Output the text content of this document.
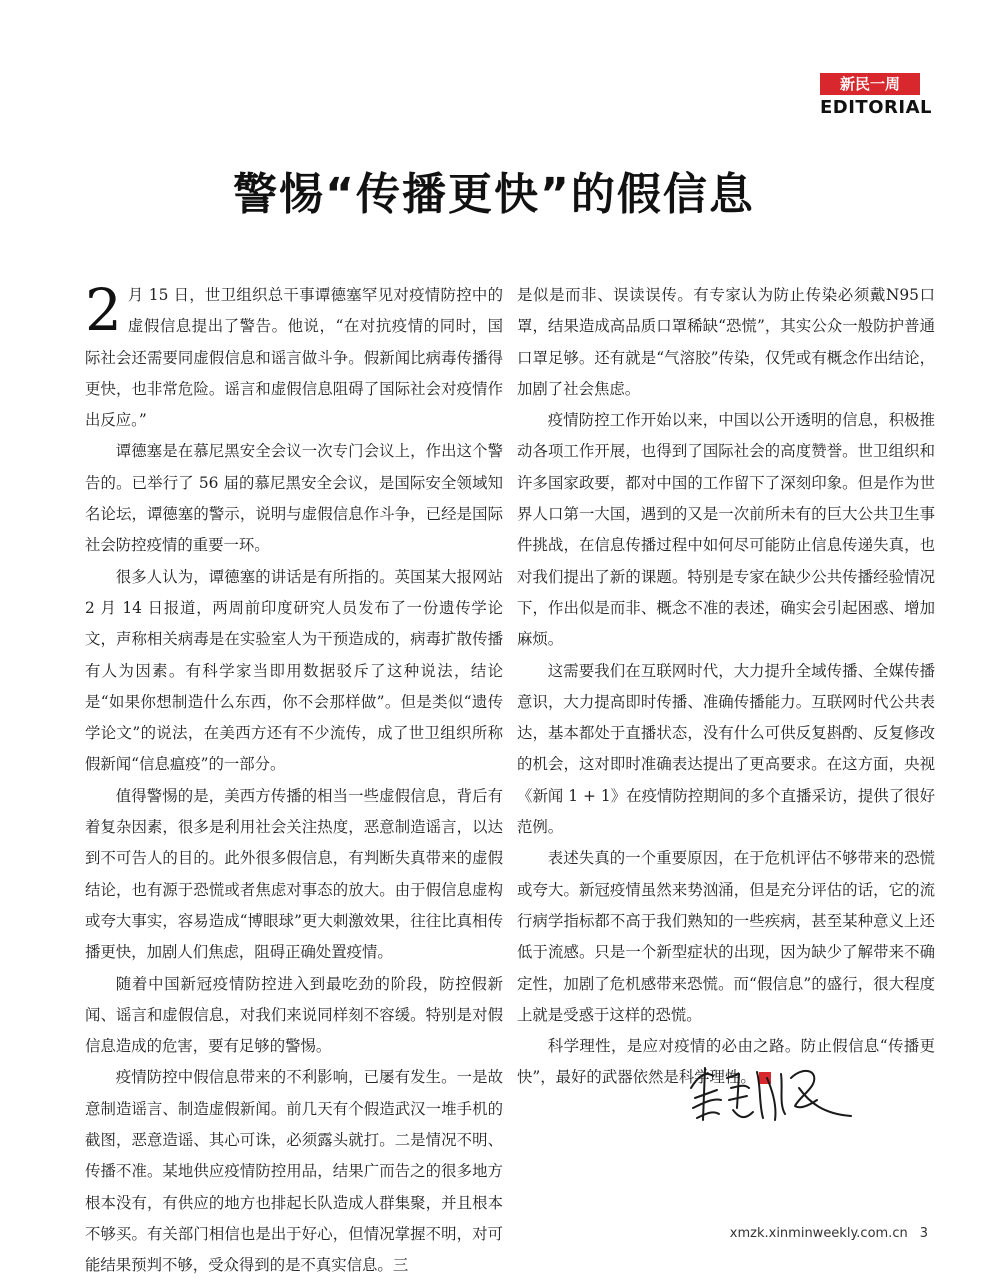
新民一周
EDITORIAL
警惕“传播更快”的假信息

2 月 15 日，世卫组织总干事谭德塞罕见对疫情防控中的虚假信息提出了警告。他说，“在对抗疫情的同时，国际社会还需要同虚假信息和谣言做斗争。假新闻比病毒传播得更快，也非常危险。谣言和虚假信息阻碍了国际社会对疫情作出反应。”

谭德塞是在慕尼黑安全会议一次专门会议上，作出这个警告的。已举行了 56 届的慕尼黑安全会议，是国际安全领域知名论坛，谭德塞的警示，说明与虚假信息作斗争，已经是国际社会防控疫情的重要一环。

很多人认为，谭德塞的讲话是有所指的。英国某大报网站 2 月 14 日报道，两周前印度研究人员发布了一份遗传学论文，声称相关病毒是在实验室人为干预造成的，病毒扩散传播有人为因素。有科学家当即用数据驳斥了这种说法，结论是“如果你想制造什么东西，你不会那样做”。但是类似“遗传学论文”的说法，在美西方还有不少流传，成了世卫组织所称假新闻“信息瘟疫”的一部分。

值得警惕的是，美西方传播的相当一些虚假信息，背后有着复杂因素，很多是利用社会关注热度，恶意制造谣言，以达到不可告人的目的。此外很多假信息，有判断失真带来的虚假结论，也有源于恐慌或者焦虑对事态的放大。由于假信息虚构或夸大事实，容易造成“博眼球”更大刺激效果，往往比真相传播更快，加剧人们焦虑，阻碍正确处置疫情。

随着中国新冠疫情防控进入到最吃劲的阶段，防控假新闻、谣言和虚假信息，对我们来说同样刻不容缓。特别是对假信息造成的危害，要有足够的警惕。

疫情防控中假信息带来的不利影响，已屡有发生。一是故意制造谣言、制造虚假新闻。前几天有个假造武汉一堆手机的截图，恶意造谣、其心可诛，必须露头就打。二是情况不明、传播不准。某地供应疫情防控用品，结果广而告之的很多地方根本没有，有供应的地方也排起长队造成人群集聚，并且根本不够买。有关部门相信也是出于好心，但情况掌握不明，对可能结果预判不够，受众得到的是不真实信息。三

是似是而非、误读误传。有专家认为防止传染必须戴N95口罩，结果造成高品质口罩稀缺“恐慌”，其实公众一般防护普通口罩足够。还有就是“气溶胶”传染，仅凭或有概念作出结论，加剧了社会焦虑。

疫情防控工作开始以来，中国以公开透明的信息，积极推动各项工作开展，也得到了国际社会的高度赞誉。世卫组织和许多国家政要，都对中国的工作留下了深刻印象。但是作为世界人口第一大国，遇到的又是一次前所未有的巨大公共卫生事件挑战，在信息传播过程中如何尽可能防止信息传递失真，也对我们提出了新的课题。特别是专家在缺少公共传播经验情况下，作出似是而非、概念不准的表述，确实会引起困惑、增加麻烦。

这需要我们在互联网时代，大力提升全域传播、全媒传播意识，大力提高即时传播、准确传播能力。互联网时代公共表达，基本都处于直播状态，没有什么可供反复斟酌、反复修改的机会，这对即时准确表达提出了更高要求。在这方面，央视《新闻 1 + 1》在疫情防控期间的多个直播采访，提供了很好范例。

表述失真的一个重要原因，在于危机评估不够带来的恐慌或夸大。新冠疫情虽然来势汹涌，但是充分评估的话，它的流行病学指标都不高于我们熟知的一些疾病，甚至某种意义上还低于流感。只是一个新型症状的出现，因为缺少了解带来不确定性，加剧了危机感带来恐慌。而“假信息”的盛行，很大程度上就是受惑于这样的恐慌。

科学理性，是应对疫情的必由之路。防止假信息“传播更快”，最好的武器依然是科学理性。	民

xmzk.xinminweekly.com.cn 3
